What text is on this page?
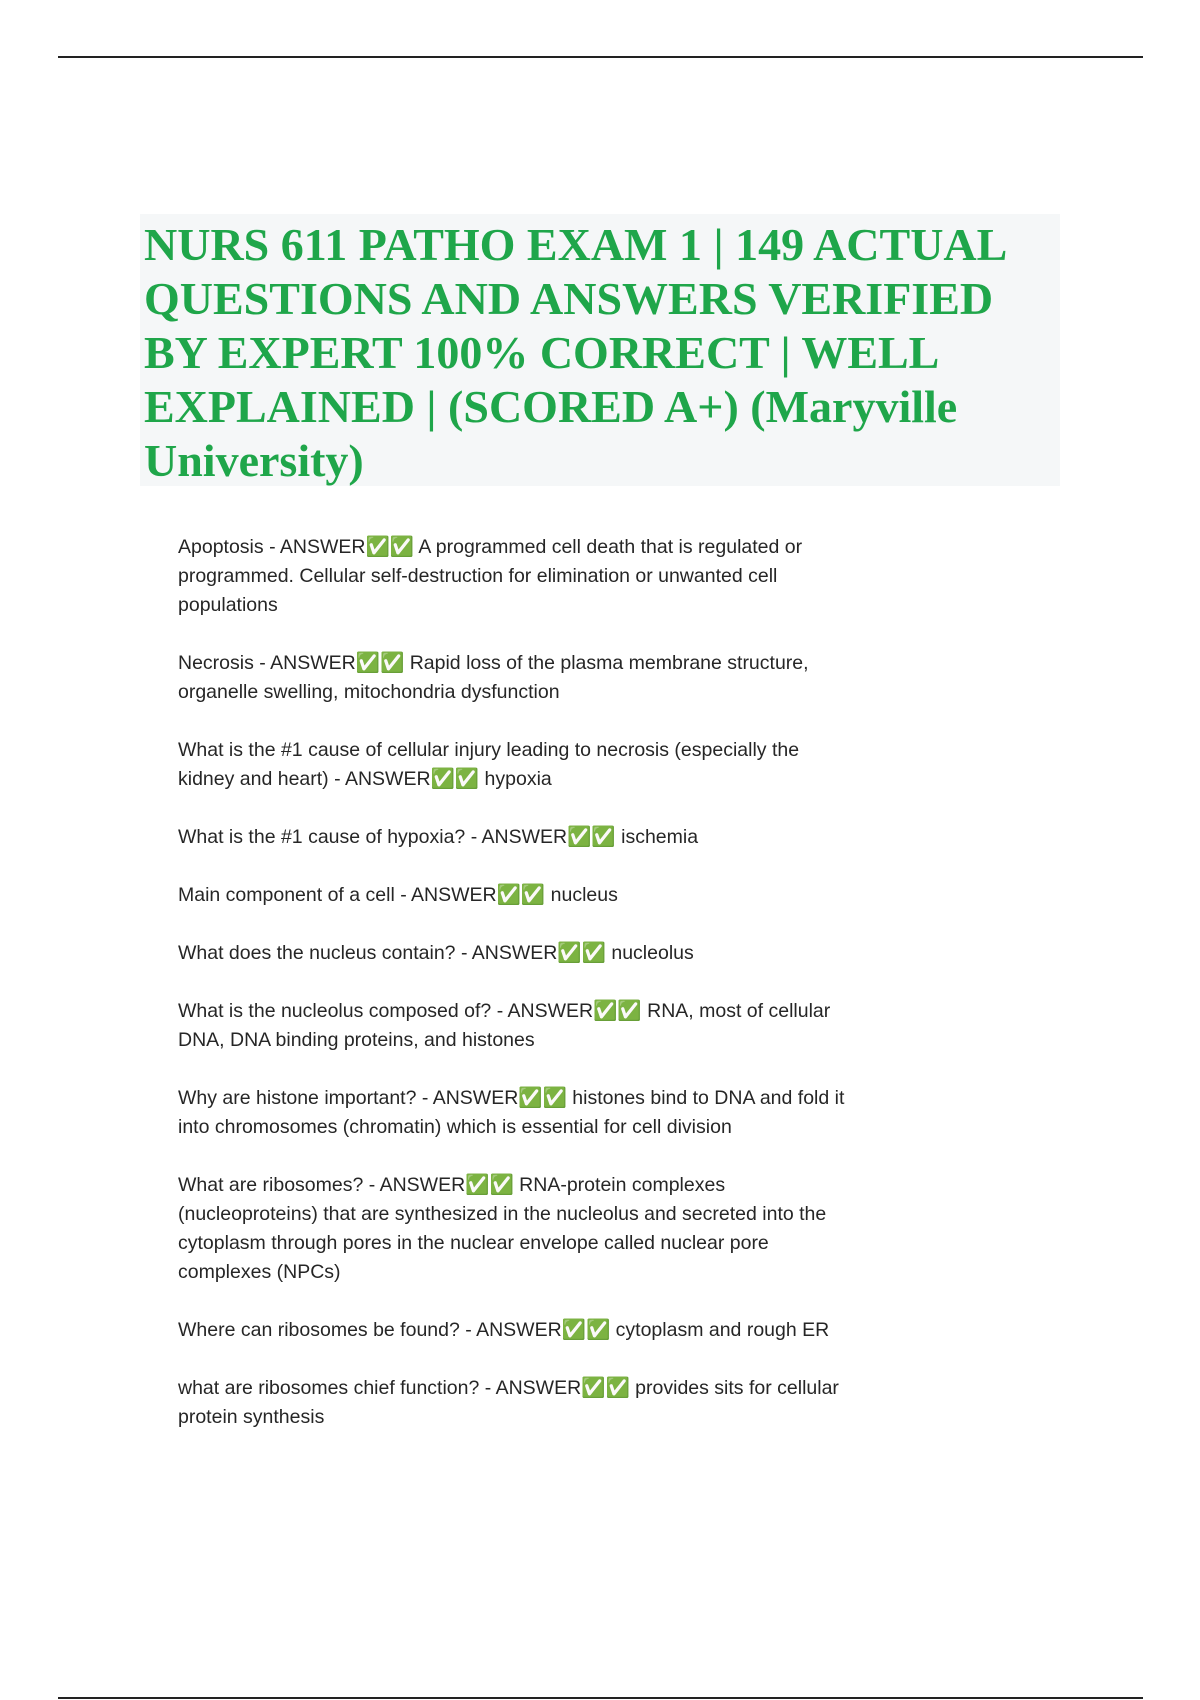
NURS 611 PATHO EXAM 1 | 149 ACTUAL QUESTIONS AND ANSWERS VERIFIED BY EXPERT 100% CORRECT | WELL EXPLAINED | (SCORED A+) (Maryville University)
Apoptosis - ANSWER✅✅ A programmed cell death that is regulated or programmed. Cellular self-destruction for elimination or unwanted cell populations
Necrosis - ANSWER✅✅ Rapid loss of the plasma membrane structure, organelle swelling, mitochondria dysfunction
What is the #1 cause of cellular injury leading to necrosis (especially the kidney and heart) - ANSWER✅✅ hypoxia
What is the #1 cause of hypoxia? - ANSWER✅✅ ischemia
Main component of a cell - ANSWER✅✅ nucleus
What does the nucleus contain? - ANSWER✅✅ nucleolus
What is the nucleolus composed of? - ANSWER✅✅ RNA, most of cellular DNA, DNA binding proteins, and histones
Why are histone important? - ANSWER✅✅ histones bind to DNA and fold it into chromosomes (chromatin) which is essential for cell division
What are ribosomes? - ANSWER✅✅ RNA-protein complexes (nucleoproteins) that are synthesized in the nucleolus and secreted into the cytoplasm through pores in the nuclear envelope called nuclear pore complexes (NPCs)
Where can ribosomes be found? - ANSWER✅✅ cytoplasm and rough ER
what are ribosomes chief function? - ANSWER✅✅ provides sits for cellular protein synthesis
